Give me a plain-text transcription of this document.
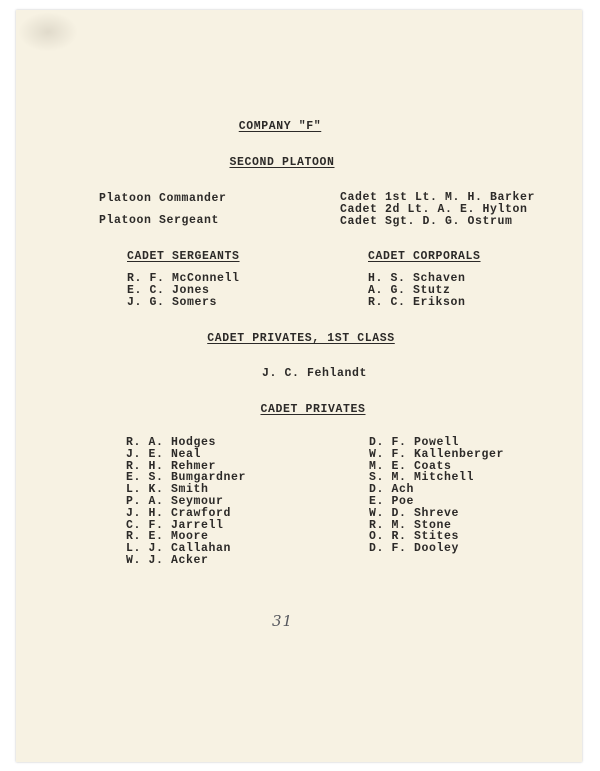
COMPANY "F"

SECOND PLATOON

Platoon Commander

Platoon Sergeant

Cadet 1st Lt. M. H. Barker
Cadet 2d Lt. A. E. Hylton
Cadet Sgt. D. G. Ostrum

CADET SERGEANTS

R. F. McConnell
E. C. Jones
J. G. Somers

CADET CORPORALS

H. S. Schaven
A. G. Stutz
R. C. Erikson

CADET PRIVATES, 1ST CLASS

J. C. Fehlandt

CADET PRIVATES

R. A. Hodges
J. E. Neal
R. H. Rehmer
E. S. Bumgardner
L. K. Smith
P. A. Seymour
J. H. Crawford
C. F. Jarrell
R. E. Moore
L. J. Callahan
W. J. Acker
D. F. Powell
W. F. Kallenberger
M. E. Coats
S. M. Mitchell
D. Ach
E. Poe
W. D. Shreve
R. M. Stone
O. R. Stites
D. F. Dooley
31
